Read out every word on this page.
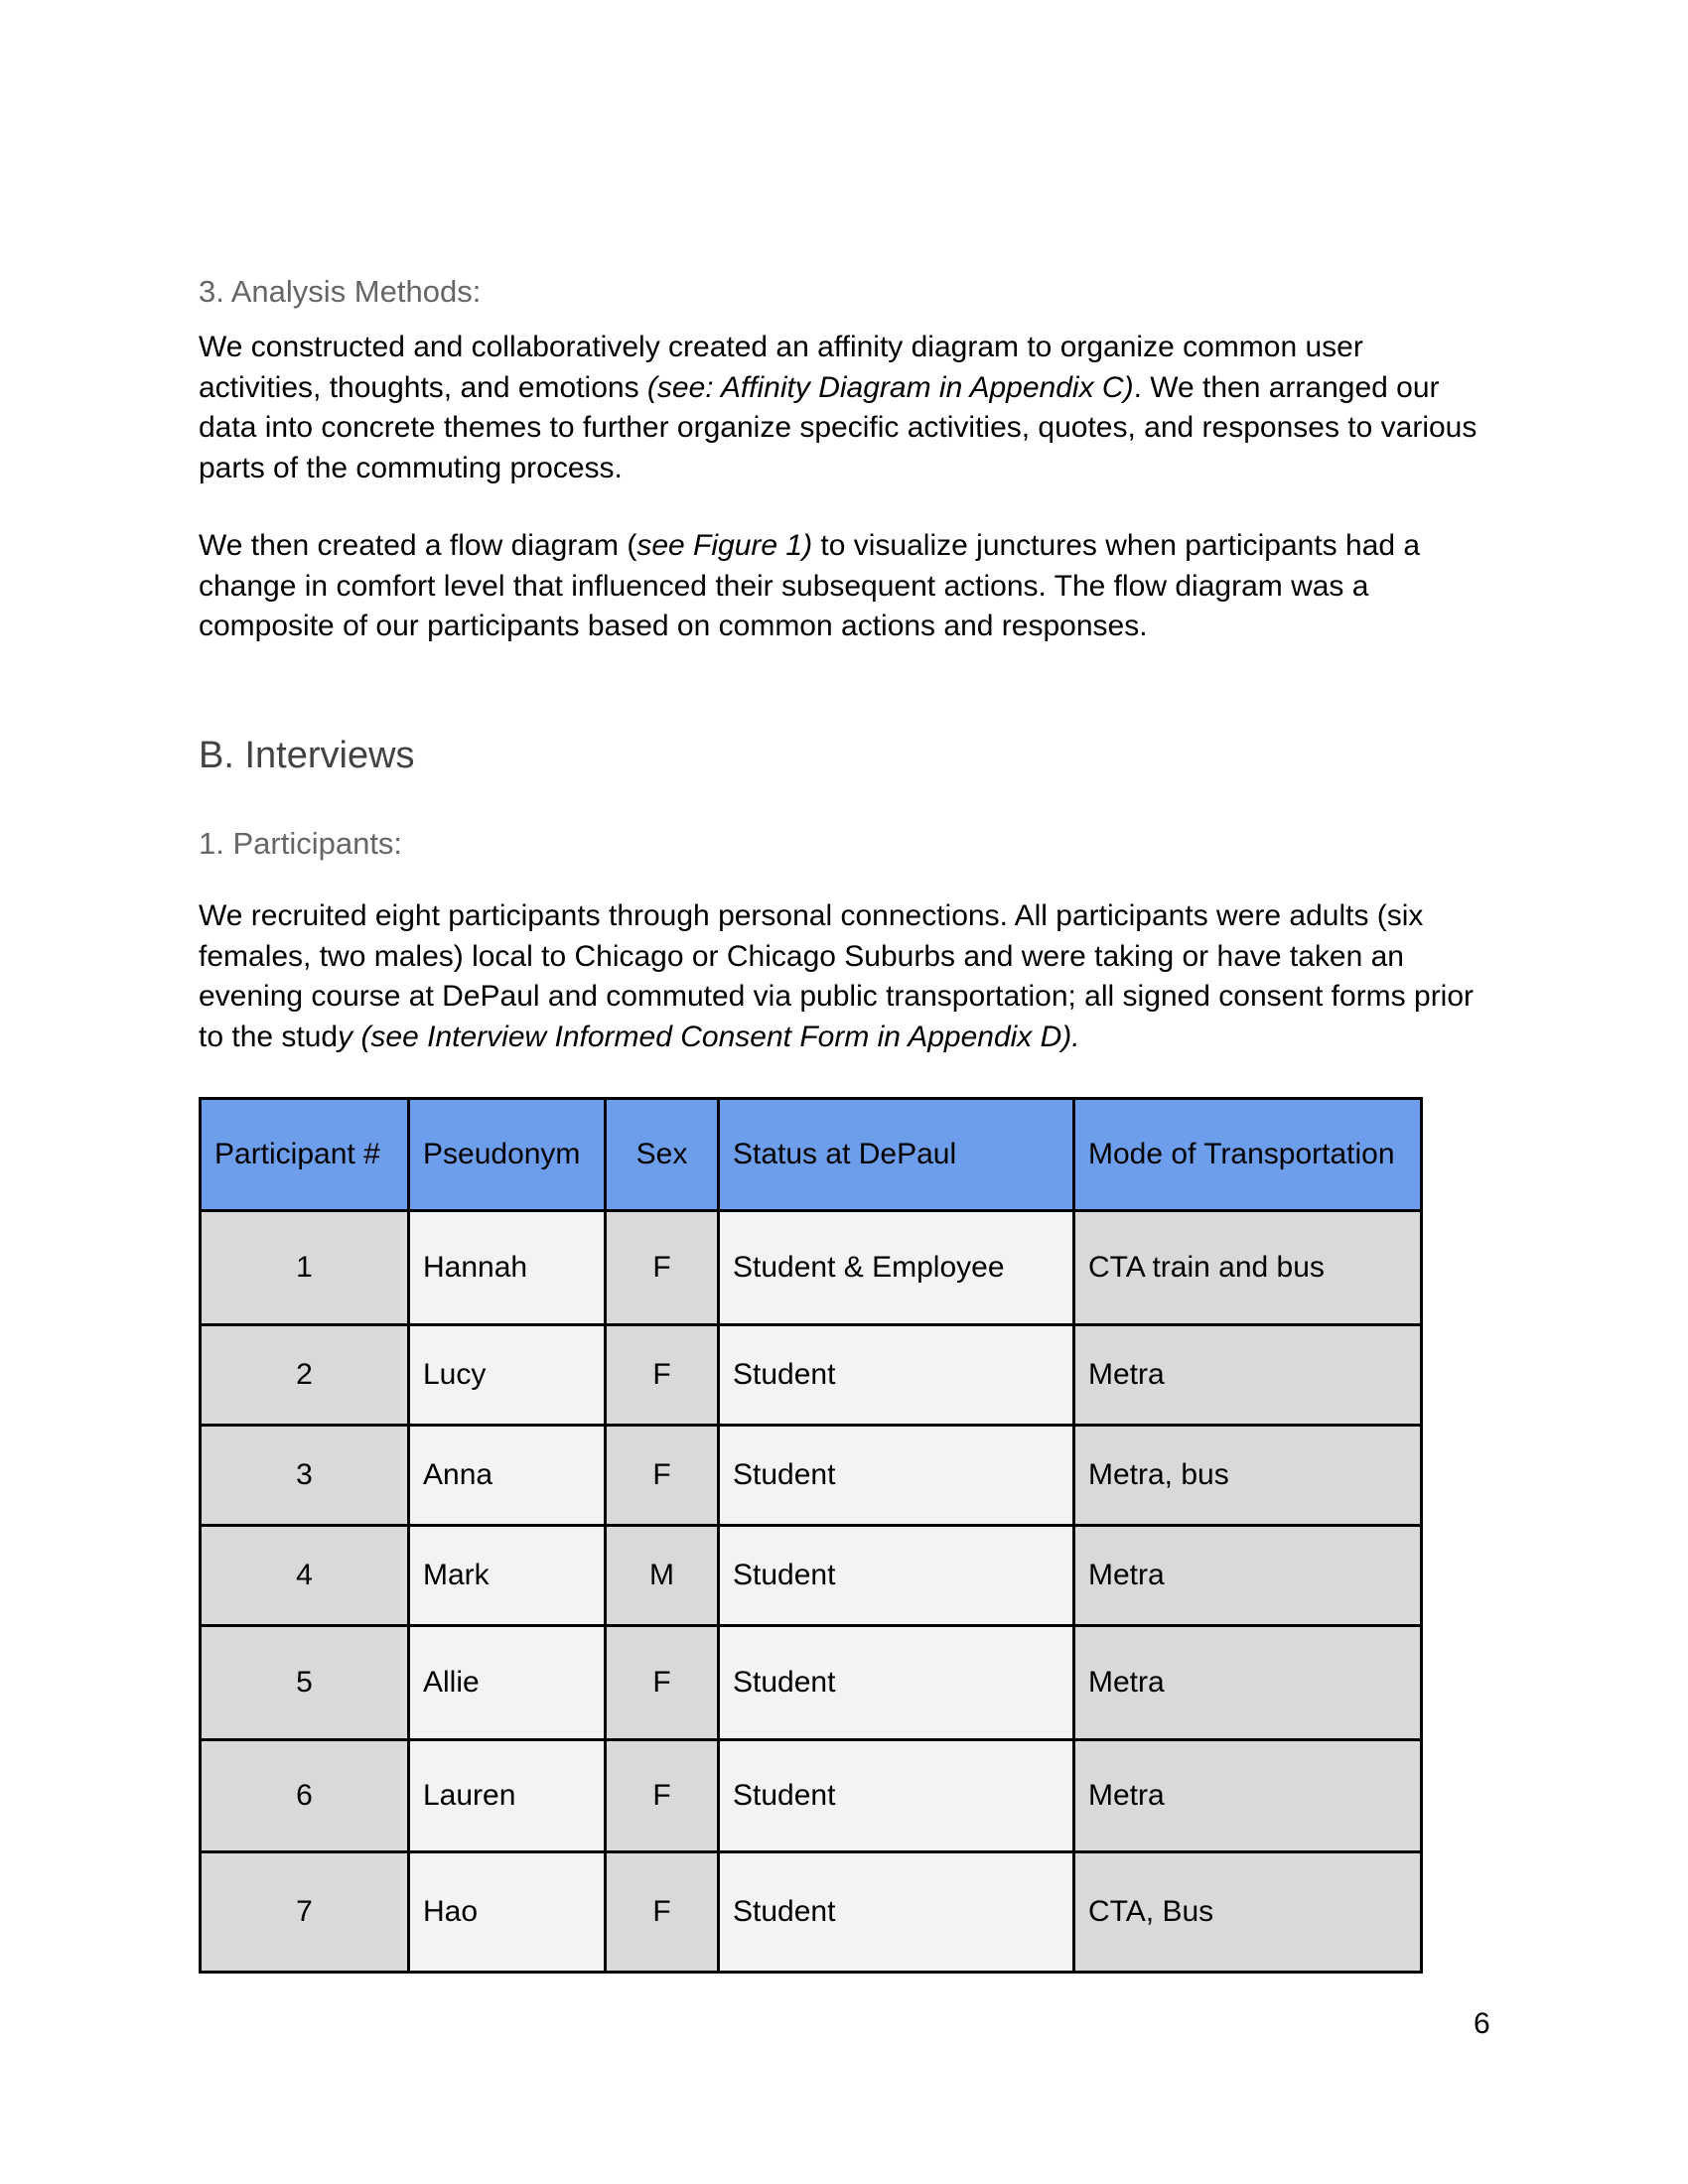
3. Analysis Methods:

We constructed and collaboratively created an affinity diagram to organize common user activities, thoughts, and emotions (see: Affinity Diagram in Appendix C). We then arranged our data into concrete themes to further organize specific activities, quotes, and responses to various parts of the commuting process.

We then created a flow diagram (see Figure 1) to visualize junctures when participants had a change in comfort level that influenced their subsequent actions. The flow diagram was a composite of our participants based on common actions and responses.

B. Interviews
1. Participants:

We recruited eight participants through personal connections. All participants were adults (six females, two males) local to Chicago or Chicago Suburbs and were taking or have taken an evening course at DePaul and commuted via public transportation; all signed consent forms prior to the study (see Interview Informed Consent Form in Appendix D).

Participant #	Pseudonym	Sex	Status at DePaul	Mode of Transportation
1	Hannah	F	Student & Employee	CTA train and bus
2	Lucy	F	Student	Metra
3	Anna	F	Student	Metra, bus
4	Mark	M	Student	Metra
5	Allie	F	Student	Metra
6	Lauren	F	Student	Metra
7	Hao	F	Student	CTA, Bus
6
